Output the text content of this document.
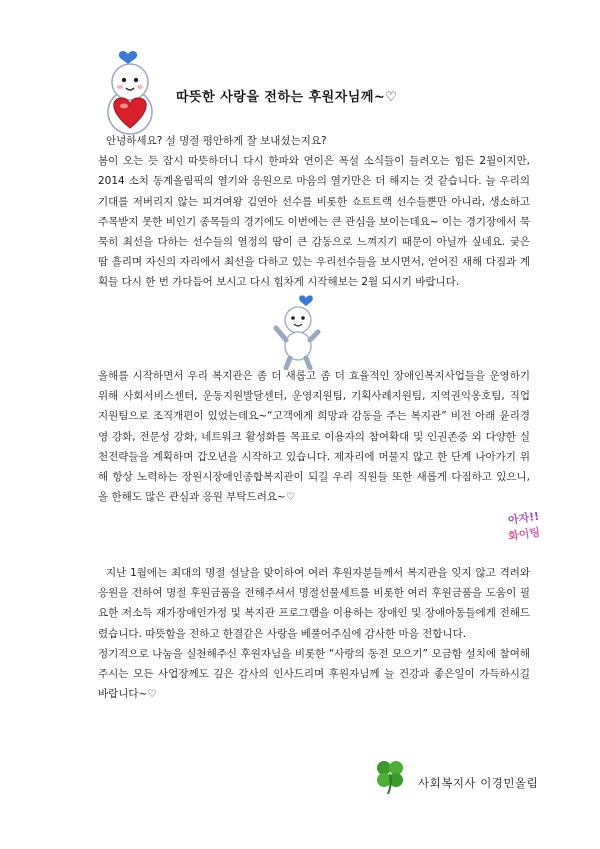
따뜻한 사랑을 전하는 후원자님께~♡

안녕하세요? 설 명절 평안하게 잘 보내셨는지요?

봄이 오는 듯 잠시 따뜻하더니 다시 한파와 연이은 폭설 소식들이 들려오는 힘든 2월이지만, 2014 소치 동계올림픽의 열기와 응원으로 마음의 열기만은 더 해지는 것 같습니다. 늘 우리의 기대를 저버리지 않는 피겨여왕 김연아 선수를 비롯한 쇼트트랙 선수들뿐만 아니라, 생소하고 주목받지 못한 비인기 종목들의 경기에도 이번에는 큰 관심을 보이는데요~ 이는 경기장에서 묵묵히 최선을 다하는 선수들의 열정의 땀이 큰 감동으로 느껴지기 때문이 아닐까 싶네요. 궂은 땀 흘리며 자신의 자리에서 최선을 다하고 있는 우리선수들을 보시면서, 얻어진 새해 다짐과 계획들 다시 한 번 가다듬어 보시고 다시 힘차게 시작해보는 2월 되시기 바랍니다.

올해를 시작하면서 우리 복지관은 좀 더 새롭고 좀 더 효율적인 장애인복지사업들을 운영하기 위해 사회서비스센터, 운동지원발달센터, 운영지원팀, 기획사례지원팀, 지역권익옹호팀, 직업지원팀으로 조직개편이 있었는데요~“고객에게 희망과 감동을 주는 복지관” 비전 아래 윤리경영 강화, 전문성 강화, 네트워크 활성화를 목표로 이용자의 참여확대 및 인권존중 외 다양한 실천전략들을 계획하며 갑오년을 시작하고 있습니다. 제자리에 머물지 않고 한 단계 나아가기 위해 항상 노력하는 장원시장애인종합복지관이 되길 우리 직원들 또한 새롭게 다짐하고 있으니, 올 한해도 많은 관심과 응원 부탁드려요~♡

아자!!
화이팅

지난 1월에는 최대의 명절 설날을 맞이하여 여러 후원자분들께서 복지관을 잊지 않고 격려와 응원을 전하여 명절 후원금품을 전해주셔서 명절선물세트를 비롯한 여러 후원금품을 도움이 필요한 저소득 재가장애인가정 및 복지관 프로그램을 이용하는 장애인 및 장애아동들에게 전해드렸습니다. 따뜻함을 전하고 한결같은 사랑을 베풀어주심에 감사한 마음 전합니다.

정기적으로 나눔을 실천해주신 후원자님을 비롯한 “사랑의 동전 모으기” 모금함 설치에 참여해주시는 모든 사업장께도 깊은 감사의 인사드리며 후원자님께 늘 건강과 좋은일이 가득하시길 바랍니다~♡

사회복지사 이경민올림
